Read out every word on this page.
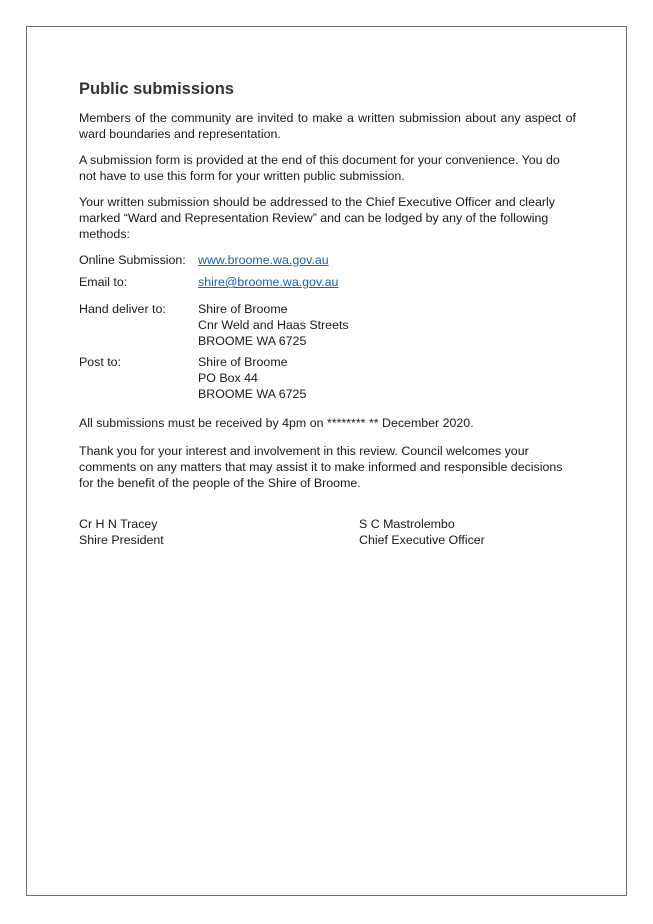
Public submissions

Members of the community are invited to make a written submission about any aspect of ward boundaries and representation.

A submission form is provided at the end of this document for your convenience. You do not have to use this form for your written public submission.

Your written submission should be addressed to the Chief Executive Officer and clearly marked “Ward and Representation Review” and can be lodged by any of the following methods:

Online Submission: www.broome.wa.gov.au
Email to:	shire@broome.wa.gov.au
Hand deliver to:	Shire of Broome
Cnr Weld and Haas Streets
BROOME WA 6725
Post to:	Shire of Broome
PO Box 44
BROOME WA 6725

All submissions must be received by 4pm on ******** ** December 2020.

Thank you for your interest and involvement in this review. Council welcomes your comments on any matters that may assist it to make informed and responsible decisions for the benefit of the people of the Shire of Broome.

Cr H N Tracey
Shire President
S C Mastrolembo
Chief Executive Officer
